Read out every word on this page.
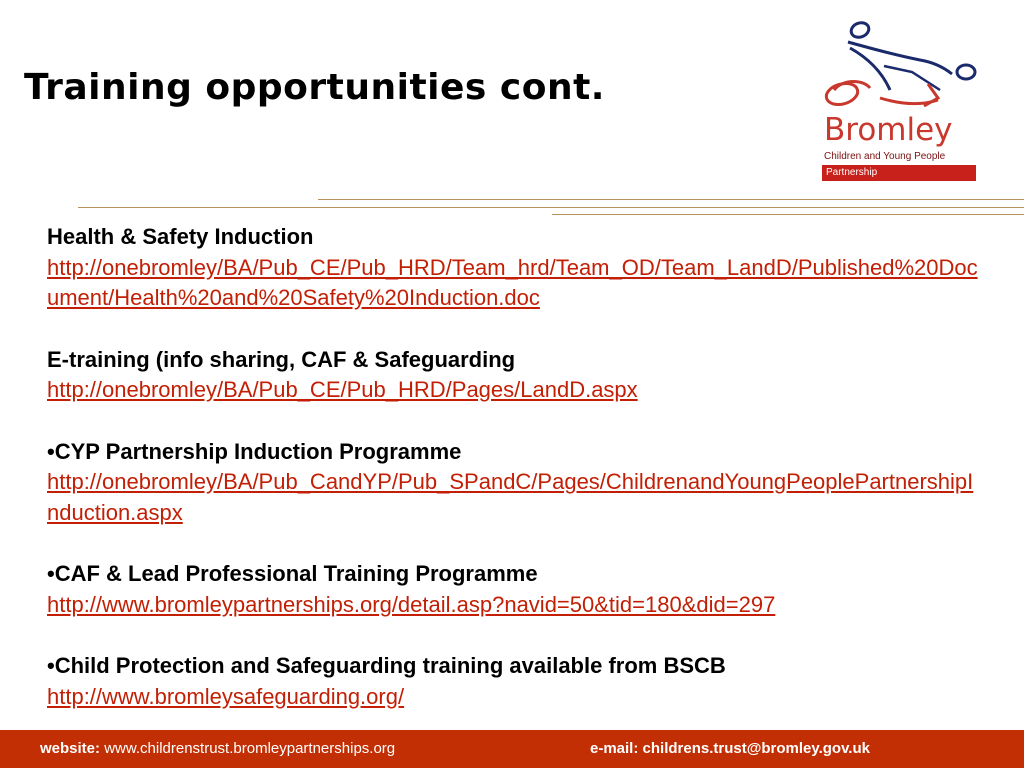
Training opportunities cont.
Bromley
Children and Young People
Partnership
Health & Safety Induction
http://onebromley/BA/Pub_CE/Pub_HRD/Team_hrd/Team_OD/Team_LandD/Published%20Document/Health%20and%20Safety%20Induction.doc
E-training (info sharing, CAF & Safeguarding
http://onebromley/BA/Pub_CE/Pub_HRD/Pages/LandD.aspx
• CYP Partnership Induction Programme
http://onebromley/BA/Pub_CandYP/Pub_SPandC/Pages/ChildrenandYoungPeoplePartnershipInduction.aspx
• CAF & Lead Professional Training Programme
http://www.bromleypartnerships.org/detail.asp?navid=50&tid=180&did=297
• Child Protection and Safeguarding training available from BSCB
http://www.bromleysafeguarding.org/
website: www.childrenstrust.bromleypartnerships.org	e-mail: childrens.trust@bromley.gov.uk
